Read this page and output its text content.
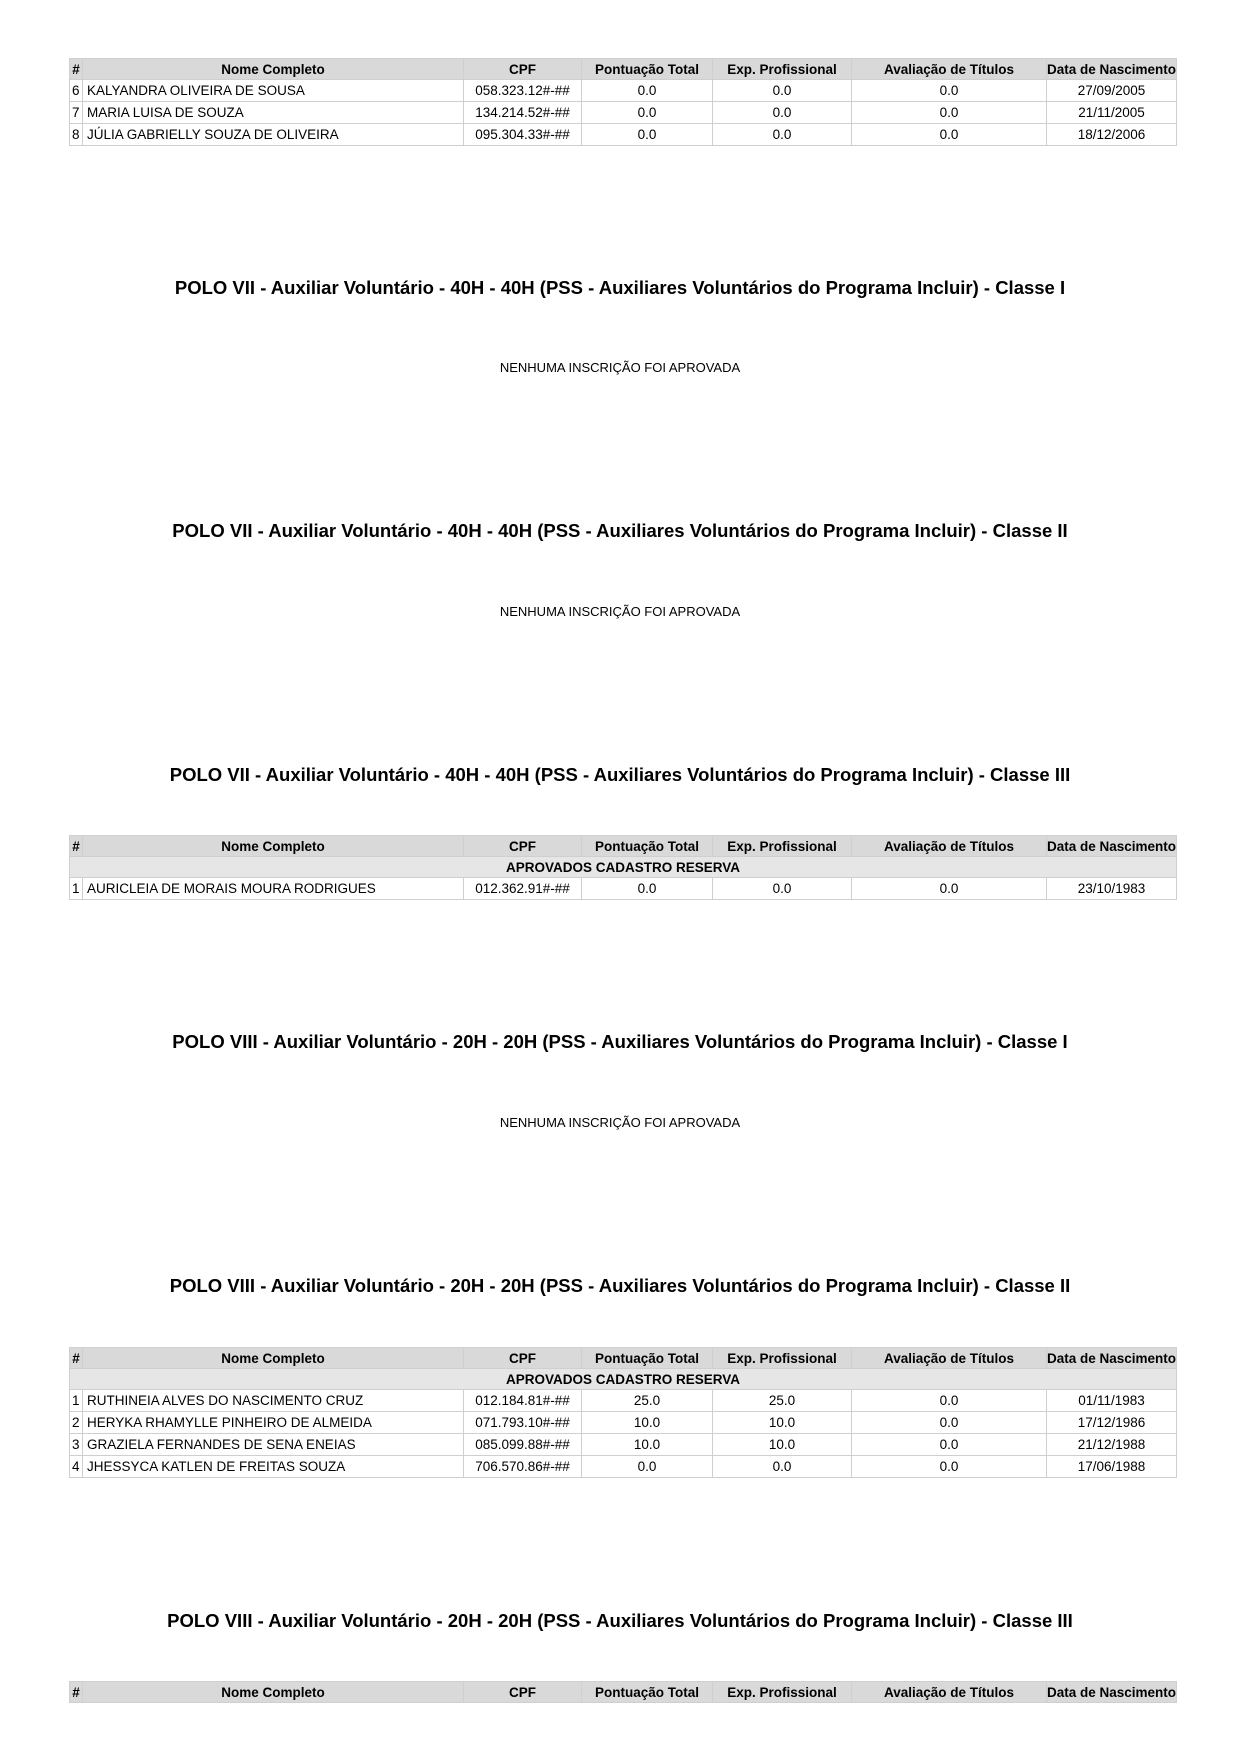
#	Nome Completo	CPF	Pontuação Total	Exp. Profissional	Avaliação de Títulos	Data de Nascimento
6	KALYANDRA OLIVEIRA DE SOUSA	058.323.12#-##	0.0	0.0	0.0	27/09/2005
7	MARIA LUISA DE SOUZA	134.214.52#-##	0.0	0.0	0.0	21/11/2005
8	JÚLIA GABRIELLY SOUZA DE OLIVEIRA	095.304.33#-##	0.0	0.0	0.0	18/12/2006
POLO VII - Auxiliar Voluntário - 40H - 40H (PSS - Auxiliares Voluntários do Programa Incluir) - Classe I
NENHUMA INSCRIÇÃO FOI APROVADA
POLO VII - Auxiliar Voluntário - 40H - 40H (PSS - Auxiliares Voluntários do Programa Incluir) - Classe II
NENHUMA INSCRIÇÃO FOI APROVADA
POLO VII - Auxiliar Voluntário - 40H - 40H (PSS - Auxiliares Voluntários do Programa Incluir) - Classe III
#	Nome Completo	CPF	Pontuação Total	Exp. Profissional	Avaliação de Títulos	Data de Nascimento
APROVADOS CADASTRO RESERVA						
1	AURICLEIA DE MORAIS MOURA RODRIGUES	012.362.91#-##	0.0	0.0	0.0	23/10/1983
POLO VIII - Auxiliar Voluntário - 20H - 20H (PSS - Auxiliares Voluntários do Programa Incluir) - Classe I
NENHUMA INSCRIÇÃO FOI APROVADA
POLO VIII - Auxiliar Voluntário - 20H - 20H (PSS - Auxiliares Voluntários do Programa Incluir) - Classe II
#	Nome Completo	CPF	Pontuação Total	Exp. Profissional	Avaliação de Títulos	Data de Nascimento
APROVADOS CADASTRO RESERVA						
1	RUTHINEIA ALVES DO NASCIMENTO CRUZ	012.184.81#-##	25.0	25.0	0.0	01/11/1983
2	HERYKA RHAMYLLE PINHEIRO DE ALMEIDA	071.793.10#-##	10.0	10.0	0.0	17/12/1986
3	GRAZIELA FERNANDES DE SENA ENEIAS	085.099.88#-##	10.0	10.0	0.0	21/12/1988
4	JHESSYCA KATLEN DE FREITAS SOUZA	706.570.86#-##	0.0	0.0	0.0	17/06/1988
POLO VIII - Auxiliar Voluntário - 20H - 20H (PSS - Auxiliares Voluntários do Programa Incluir) - Classe III
#	Nome Completo	CPF	Pontuação Total	Exp. Profissional	Avaliação de Títulos	Data de Nascimento
